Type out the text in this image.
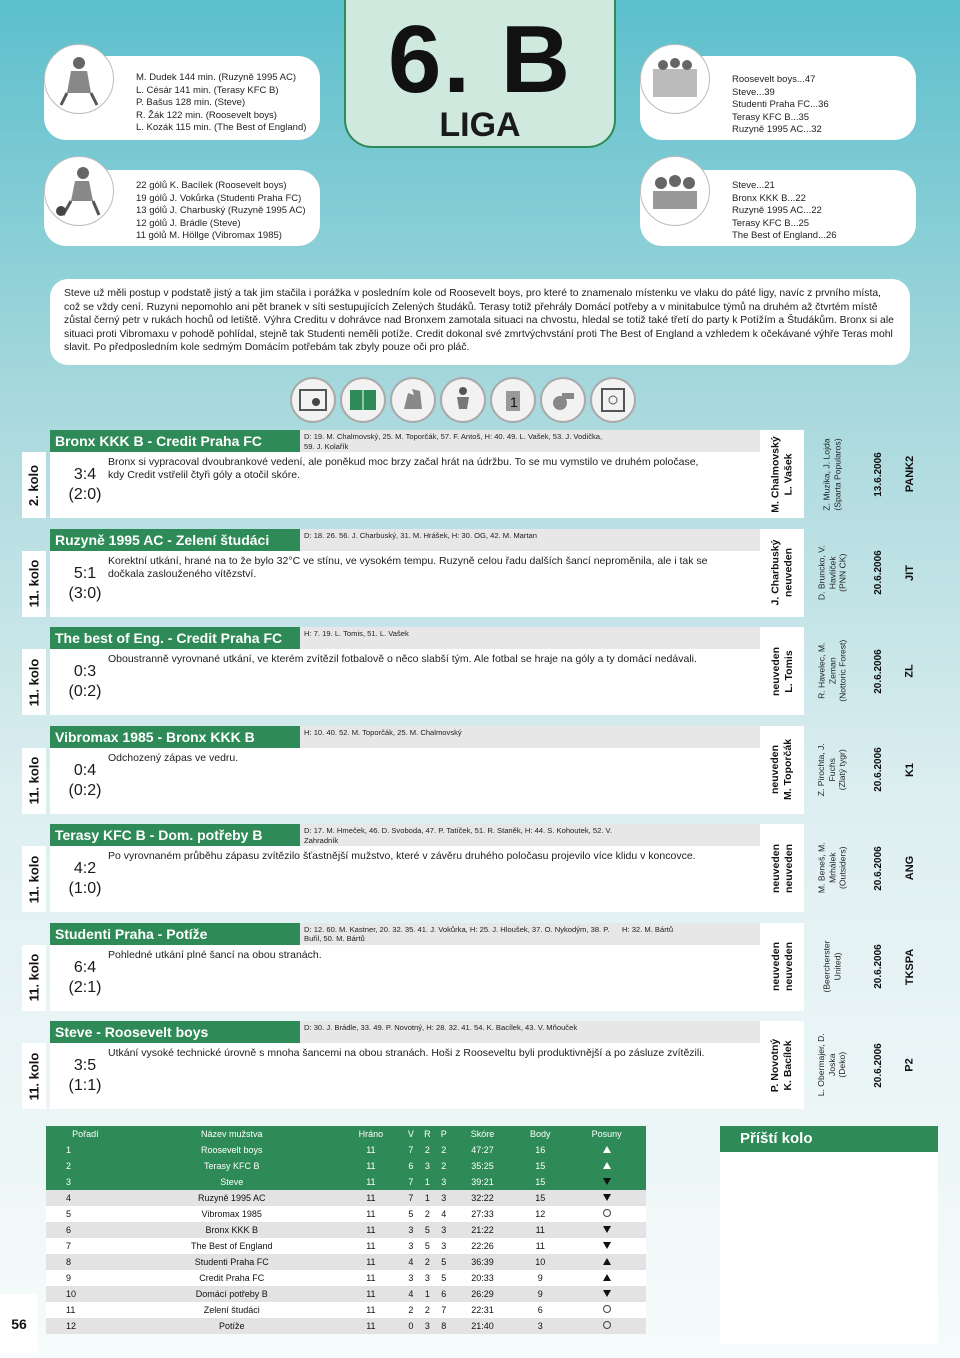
M. Dudek 144 min. (Ruzyně 1995 AC)
L. Césár 141 min. (Terasy KFC B)
P. Bašus 128 min. (Steve)
R. Žák 122 min. (Roosevelt boys)
L. Kozák 115 min. (The Best of England)
22 gólů K. Bacílek (Roosevelt boys)
19 gólů J. Vokůrka (Studenti Praha FC)
13 gólů J. Charbuský (Ruzyně 1995 AC)
12 gólů J. Brádle (Steve)
11 gólů M. Höllge (Vibromax 1985)
6. B
LIGA
Roosevelt boys...47
Steve...39
Studenti Praha FC...36
Terasy KFC B...35
Ruzyně 1995 AC...32
Steve...21
Bronx KKK B...22
Ruzyně 1995 AC...22
Terasy KFC B...25
The Best of England...26
Steve už měli postup v podstatě jistý a tak jim stačila i porážka v posledním kole od Roosevelt boys, pro které to znamenalo místenku ve vlaku do páté ligy, navíc z prvního místa, což se vždy cení. Ruzyni nepomohlo ani pět branek v síti sestupujících Zelených študáků. Terasy totiž přehrály Domácí potřeby a v minitabulce týmů na druhém až čtvrtém místě zůstal černý petr v rukách hochů od letiště. Výhra Creditu v dohrávce nad Bronxem zamotala situaci na chvostu, hledal se totiž také třetí do party k Potížím a Študákům. Bronx si ale situaci proti Vibromaxu v pohodě pohlídal, stejně tak Studenti neměli potíže. Credit dokonal své zmrtvýchvstání proti The Best of England a vzhledem k očekávané výhře Teras mohl slavit. Po předposledním kole sedmým Domácím potřebám tak zbyly pouze oči pro pláč.
1
2. kolo
Bronx KKK B - Credit Praha FC	D: 19. M. Chalmovský, 25. M. Toporčák, 57. F. Antoš, H: 40. 49. L. Vašek, 53. J. Vodička, 59. J. Kolařík
3:4
(2:0)
Bronx si vypracoval dvoubrankové vedení, ale poněkud moc brzy začal hrát na údržbu. To se mu vymstilo ve druhém poločase, kdy Credit vstřelil čtyři góly a otočil skóre.	M. Chalmovský L. Vašek	Z. Muzika, J. Lojda (Sparta Popularos)	13.6.2006 PANK2
11. kolo
Ruzyně 1995 AC - Zelení študáci	D: 18. 26. 56. J. Charbuský, 31. M. Hrášek, H: 30. OG, 42. M. Martan
5:1
(3:0)
Korektní utkání, hrané na to že bylo 32°C ve stínu, ve vysokém tempu. Ruzyně celou řadu dalších šancí neproměnila, ale i tak se dočkala zaslouženého vítězství.	J. Charbuský neuveden	D. Bruncko, V. Havlíček (PNN CK)	20.6.2006 JIT
11. kolo
The best of Eng. - Credit Praha FC	H: 7. 19. L. Tomis, 51. L. Vašek
0:3
(0:2)
Oboustranně vyrovnané utkání, ve kterém zvítězil fotbalově o něco slabší tým. Ale fotbal se hraje na góly a ty domácí nedávali.	neuveden L. Tomis	R. Havelec, M. Zeman (Nottoric Forest)	20.6.2006 ZL
11. kolo
Vibromax 1985 - Bronx KKK B	H: 10. 40. 52. M. Toporčák, 25. M. Chalmovský
0:4
(0:2)
Odchozený zápas ve vedru.	neuveden M. Toporčák	Z. Pirochta, J. Fuchs (Zlatý tygr)	20.6.2006 K1
11. kolo
Terasy KFC B - Dom. potřeby B	D: 17. M. Hmeček, 46. D. Svoboda, 47. P. Tatíček, 51. R. Staněk, H: 44. S. Kohoutek, 52. V. Zahradník
4:2
(1:0)
Po vyrovnaném průběhu zápasu zvítězilo šťastnější mužstvo, které v závěru druhého poločasu projevilo více klidu v koncovce.	neuveden neuveden	M. Beneš, M. Mrhálek (Outsiders)	20.6.2006 ANG
11. kolo
Studenti Praha - Potíže	D: 12. 60. M. Kastner, 20. 32. 35. 41. J. Vokůrka, H: 25. J. Hloušek, 37. O. Nykodým, 38. P. Buřil, 50. M. Bártů
H: 32. M. Bártů
6:4
(2:1)
Pohledné utkání plné šancí na obou stranách.	neuveden neuveden	(Beercherster United)	20.6.2006 TKSPA
11. kolo
Steve - Roosevelt boys	D: 30. J. Brádle, 33. 49. P. Novotný, H: 28. 32. 41. 54. K. Bacílek, 43. V. Mňouček
3:5
(1:1)
Utkání vysoké technické úrovně s mnoha šancemi na obou stranách. Hoši z Rooseveltu byli produktivnější a po zásluze zvítězili.	P. Novotný K. Bacílek	L. Obermajer, D. Joska (Deko)	20.6.2006 P2
Pořadí	Název mužstva	Hráno	V	R	P	Skóre	Body	Posuny
1	Roosevelt boys	11	7	2	2	47:27	16	
2	Terasy KFC B	11	6	3	2	35:25	15	
3	Steve	11	7	1	3	39:21	15	
4	Ruzyně 1995 AC	11	7	1	3	32:22	15	
5	Vibromax 1985	11	5	2	4	27:33	12	
6	Bronx KKK B	11	3	5	3	21:22	11	
7	The Best of England	11	3	5	3	22:26	11	
8	Studenti Praha FC	11	4	2	5	36:39	10	
9	Credit Praha FC	11	3	3	5	20:33	9	
10	Domácí potřeby B	11	4	1	6	26:29	9	
11	Zelení študáci	11	2	2	7	22:31	6	
12	Potíže	11	0	3	8	21:40	3	
Příští kolo
56
